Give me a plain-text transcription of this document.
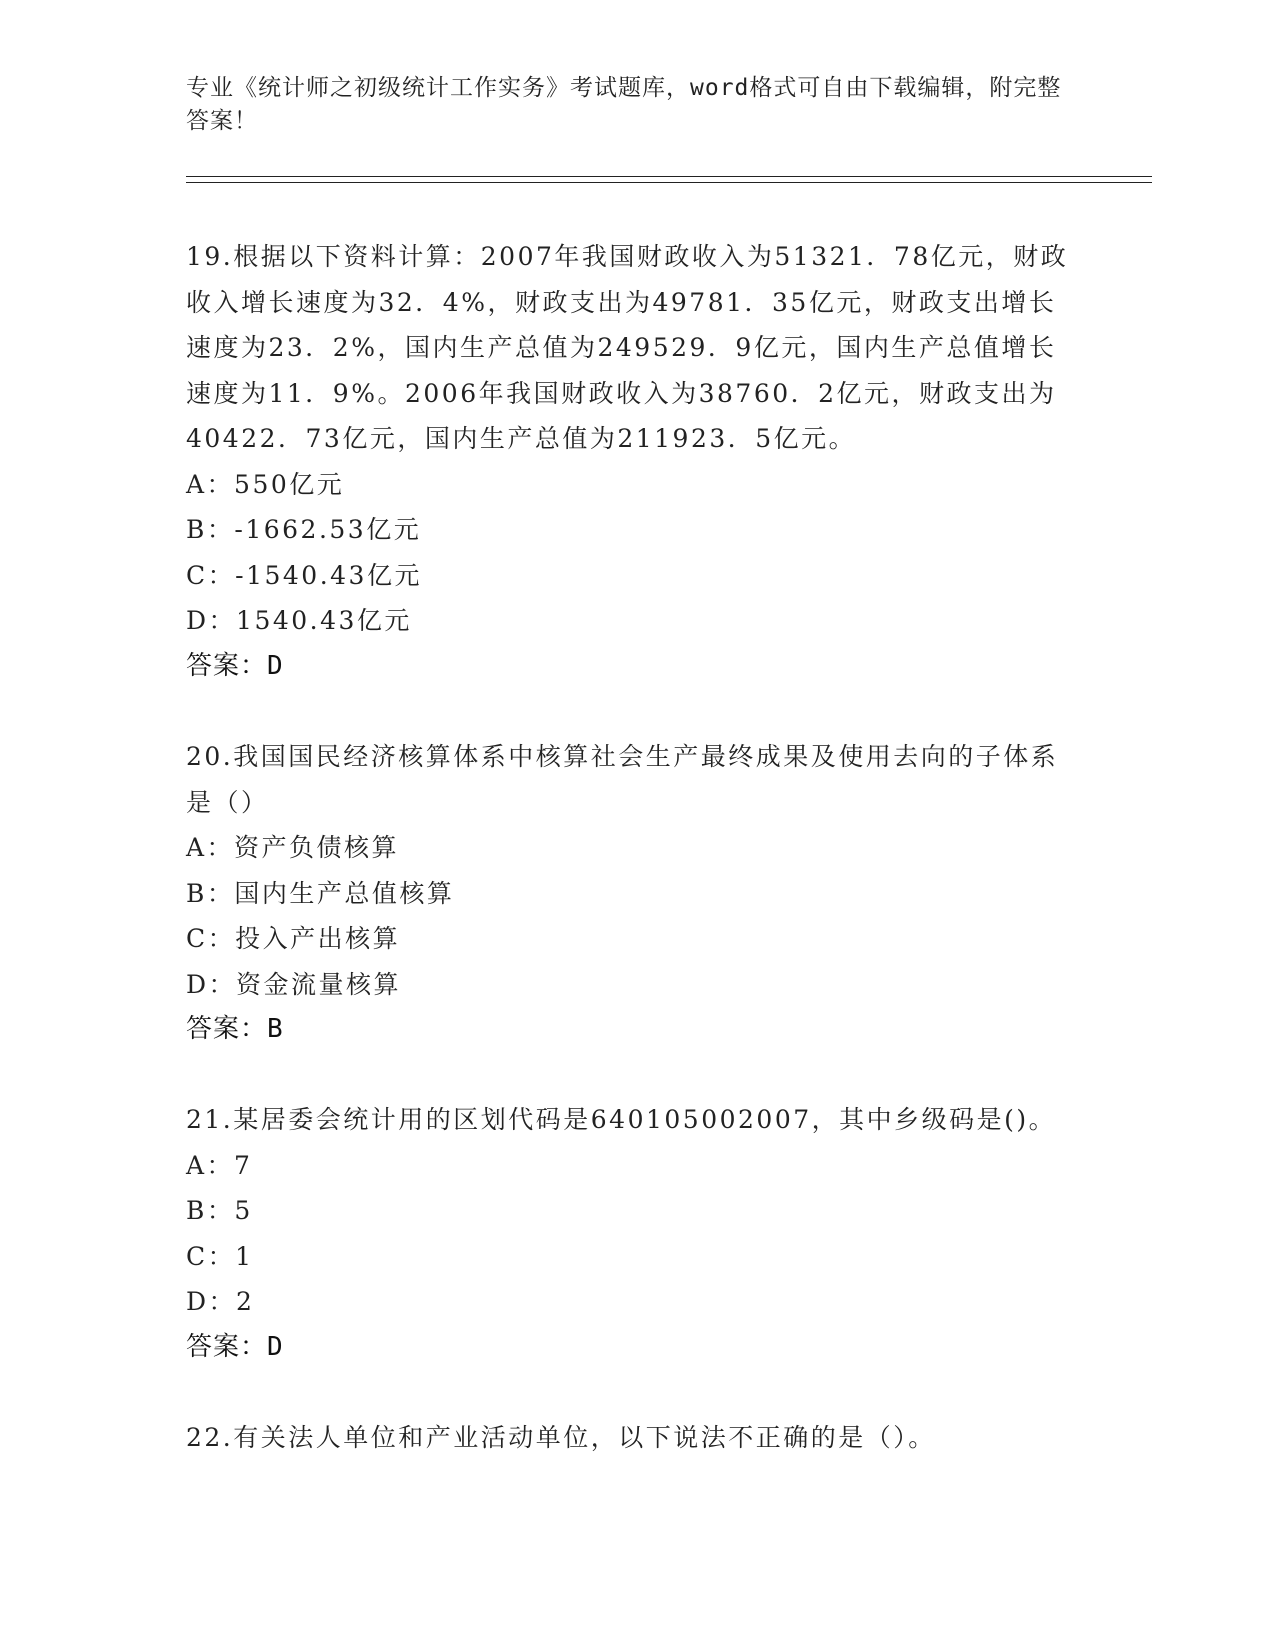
专业《统计师之初级统计工作实务》考试题库，word格式可自由下载编辑，附完整答案！

19.根据以下资料计算：2007年我国财政收入为51321．78亿元，财政收入增长速度为32．4%，财政支出为49781．35亿元，财政支出增长速度为23．2%，国内生产总值为249529．9亿元，国内生产总值增长速度为11．9%。2006年我国财政收入为38760．2亿元，财政支出为40422．73亿元，国内生产总值为211923．5亿元。

A：550亿元

B：-1662.53亿元

C：-1540.43亿元

D：1540.43亿元

答案：D

20.我国国民经济核算体系中核算社会生产最终成果及使用去向的子体系是（）

A：资产负债核算

B：国内生产总值核算

C：投入产出核算

D：资金流量核算

答案：B

21.某居委会统计用的区划代码是640105002007，其中乡级码是()。

A：7

B：5

C：1

D：2

答案：D

22.有关法人单位和产业活动单位，以下说法不正确的是（）。
